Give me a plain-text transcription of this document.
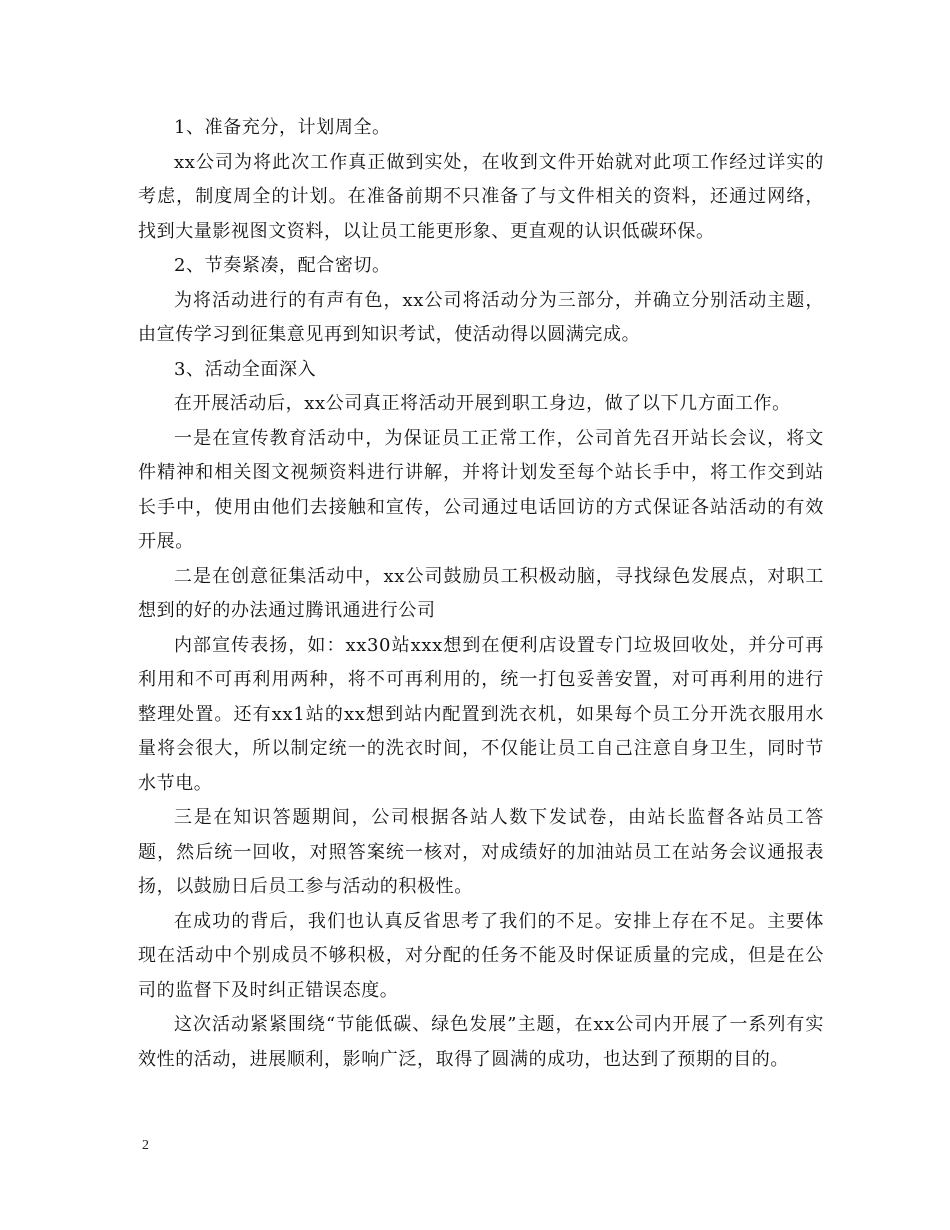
1、准备充分，计划周全。

xx公司为将此次工作真正做到实处，在收到文件开始就对此项工作经过详实的考虑，制度周全的计划。在准备前期不只准备了与文件相关的资料，还通过网络，找到大量影视图文资料，以让员工能更形象、更直观的认识低碳环保。

2、节奏紧凑，配合密切。

为将活动进行的有声有色，xx公司将活动分为三部分，并确立分别活动主题，由宣传学习到征集意见再到知识考试，使活动得以圆满完成。

3、活动全面深入

在开展活动后，xx公司真正将活动开展到职工身边，做了以下几方面工作。

一是在宣传教育活动中，为保证员工正常工作，公司首先召开站长会议，将文件精神和相关图文视频资料进行讲解，并将计划发至每个站长手中，将工作交到站长手中，使用由他们去接触和宣传，公司通过电话回访的方式保证各站活动的有效开展。

二是在创意征集活动中，xx公司鼓励员工积极动脑，寻找绿色发展点，对职工想到的好的办法通过腾讯通进行公司

内部宣传表扬，如：xx30站xxx想到在便利店设置专门垃圾回收处，并分可再利用和不可再利用两种，将不可再利用的，统一打包妥善安置，对可再利用的进行整理处置。还有xx1站的xx想到站内配置到洗衣机，如果每个员工分开洗衣服用水量将会很大，所以制定统一的洗衣时间，不仅能让员工自己注意自身卫生，同时节水节电。

三是在知识答题期间，公司根据各站人数下发试卷，由站长监督各站员工答题，然后统一回收，对照答案统一核对，对成绩好的加油站员工在站务会议通报表扬，以鼓励日后员工参与活动的积极性。

在成功的背后，我们也认真反省思考了我们的不足。安排上存在不足。主要体现在活动中个别成员不够积极，对分配的任务不能及时保证质量的完成，但是在公司的监督下及时纠正错误态度。

这次活动紧紧围绕“节能低碳、绿色发展”主题，在xx公司内开展了一系列有实效性的活动，进展顺利，影响广泛，取得了圆满的成功，也达到了预期的目的。

2
